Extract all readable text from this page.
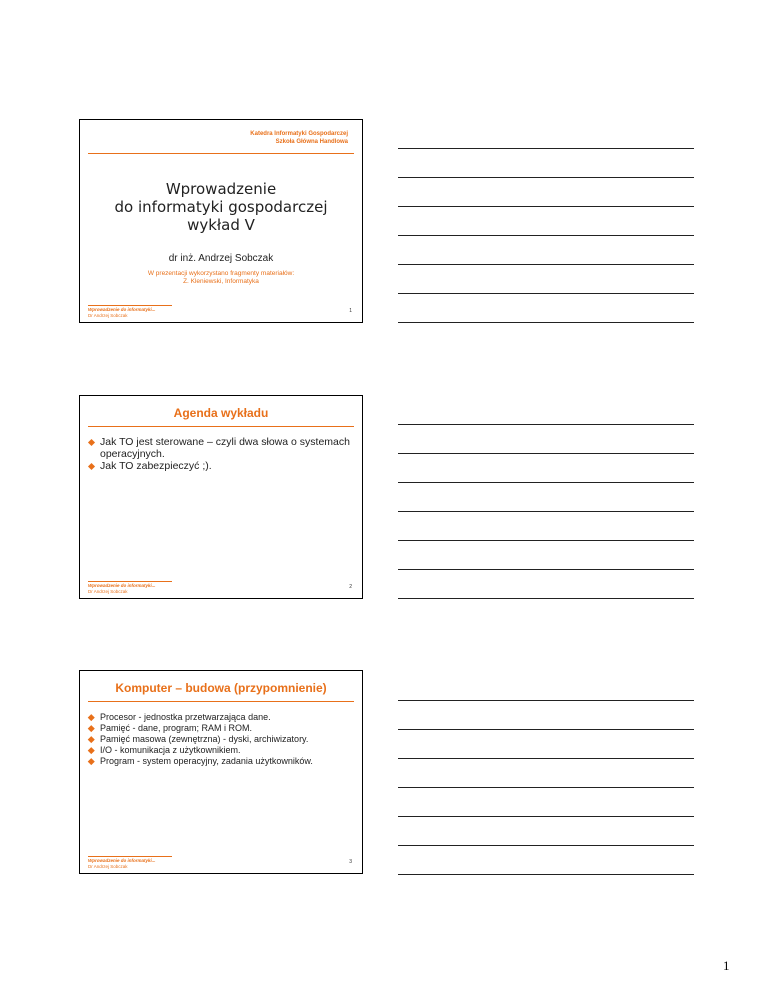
Katedra Informatyki Gospodarczej
Szkoła Główna Handlowa
Wprowadzenie
do informatyki gospodarczej
wykład V
dr inż. Andrzej Sobczak
W prezentacji wykorzystano fragmenty materiałów:
Z. Kleniewski, Informatyka
Wprowadzenie do informatyki...
Dr Andrzej Sobczak
1
Agenda wykładu
Jak TO jest sterowane – czyli dwa słowa o systemach operacyjnych.
Jak TO zabezpieczyć ;).
Wprowadzenie do informatyki...
Dr Andrzej Sobczak
2
Komputer – budowa (przypomnienie)
Procesor - jednostka przetwarzająca dane.
Pamięć - dane, program; RAM i ROM.
Pamięć masowa (zewnętrzna) - dyski, archiwizatory.
I/O - komunikacja z użytkownikiem.
Program - system operacyjny, zadania użytkowników.
Wprowadzenie do informatyki...
Dr Andrzej Sobczak
3
1
